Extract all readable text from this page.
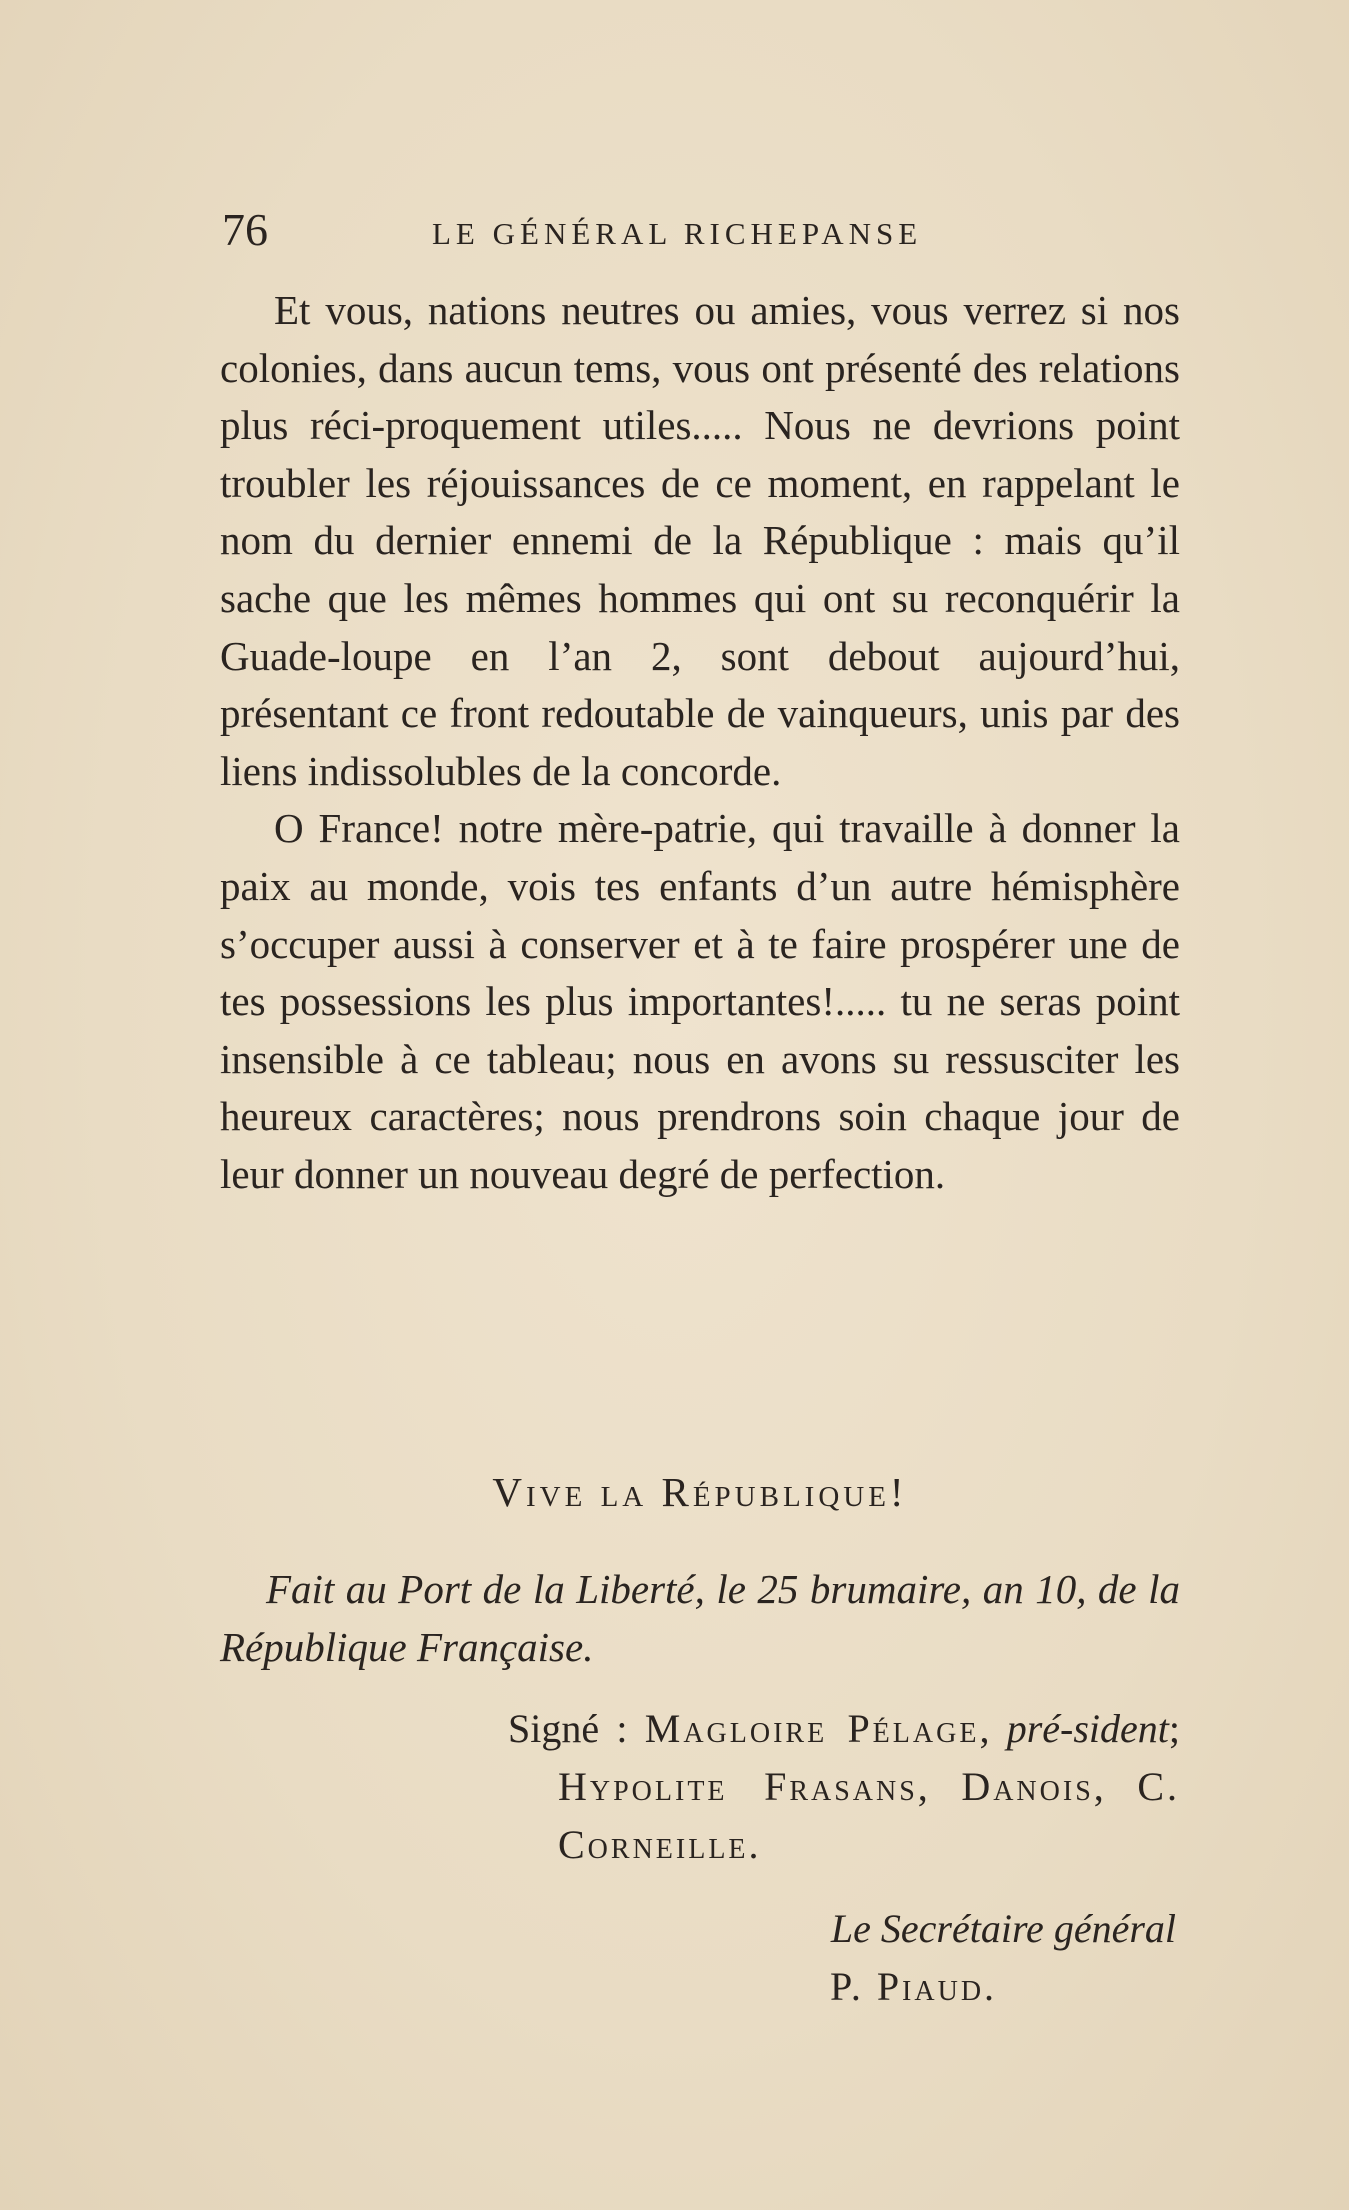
76	LE GÉNÉRAL RICHEPANSE

Et vous, nations neutres ou amies, vous verrez si nos colonies, dans aucun tems, vous ont présenté des relations plus réci-proquement utiles..... Nous ne devrions point troubler les réjouissances de ce moment, en rappelant le nom du dernier ennemi de la République : mais qu’il sache que les mêmes hommes qui ont su reconquérir la Guade-loupe en l’an 2, sont debout aujourd’hui, présentant ce front redoutable de vainqueurs, unis par des liens indissolubles de la concorde.

O France! notre mère-patrie, qui travaille à donner la paix au monde, vois tes enfants d’un autre hémisphère s’occuper aussi à conserver et à te faire prospérer une de tes possessions les plus importantes!..... tu ne seras point insensible à ce tableau; nous en avons su ressusciter les heureux caractères; nous prendrons soin chaque jour de leur donner un nouveau degré de perfection.

Vive la République!

Fait au Port de la Liberté, le 25 brumaire, an 10, de la République Française.

Signé : Magloire Pélage, pré-sident; Hypolite Frasans, Danois, C. Corneille.

Le Secrétaire général

P. Piaud.
